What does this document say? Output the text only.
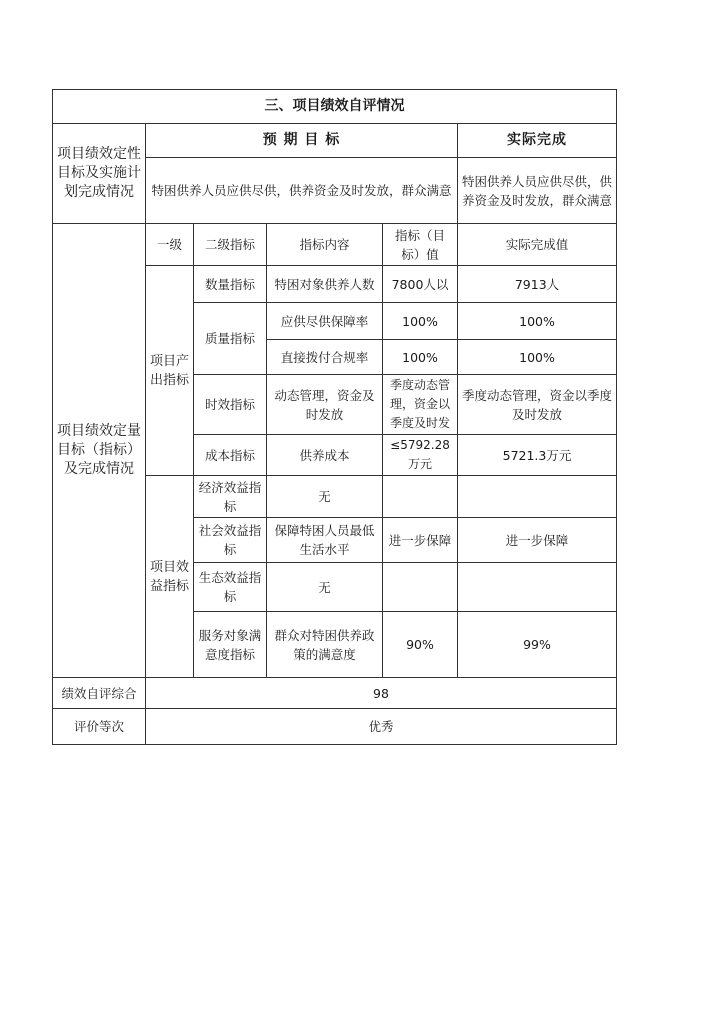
三、项目绩效自评情况					
项目绩效定性目标及实施计划完成情况	预 期 目 标				实际完成
	特困供养人员应供尽供，供养资金及时发放，群众满意				特困供养人员应供尽供，供养资金及时发放，群众满意
项目绩效定量目标（指标）及完成情况	一级	二级指标	指标内容	指标（目标）值	实际完成值
	项目产出指标	数量指标	特困对象供养人数	7800人以	7913人
		质量指标	应供尽供保障率	100%	100%
			直接拨付合规率	100%	100%
		时效指标	动态管理，资金及时发放	季度动态管理，资金以季度及时发	季度动态管理，资金以季度及时发放
		成本指标	供养成本	≤5792.28万元	5721.3万元
	项目效益指标	经济效益指标	无		
		社会效益指标	保障特困人员最低生活水平	进一步保障	进一步保障
		生态效益指标	无		
		服务对象满意度指标	群众对特困供养政策的满意度	90%	99%
绩效自评综合	98				
评价等次	优秀				
